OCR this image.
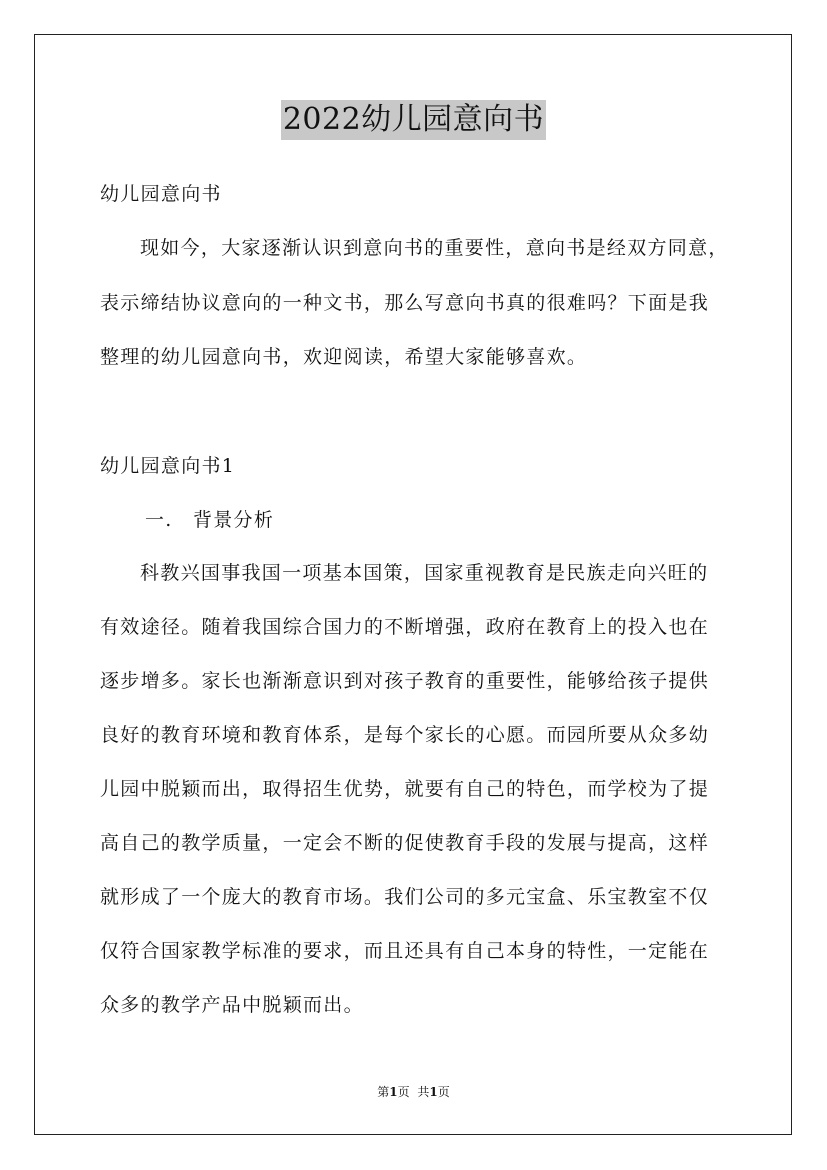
2022幼儿园意向书
幼儿园意向书
现如今，大家逐渐认识到意向书的重要性，意向书是经双方同意，
表示缔结协议意向的一种文书，那么写意向书真的很难吗？下面是我
整理的幼儿园意向书，欢迎阅读，希望大家能够喜欢。
幼儿园意向书1
一.　背景分析
科教兴国事我国一项基本国策，国家重视教育是民族走向兴旺的
有效途径。随着我国综合国力的不断增强，政府在教育上的投入也在
逐步增多。家长也渐渐意识到对孩子教育的重要性，能够给孩子提供
良好的教育环境和教育体系，是每个家长的心愿。而园所要从众多幼
儿园中脱颖而出，取得招生优势，就要有自己的特色，而学校为了提
高自己的教学质量，一定会不断的促使教育手段的发展与提高，这样
就形成了一个庞大的教育市场。我们公司的多元宝盒、乐宝教室不仅
仅符合国家教学标准的要求，而且还具有自己本身的特性，一定能在
众多的教学产品中脱颖而出。
第1页 共1页
